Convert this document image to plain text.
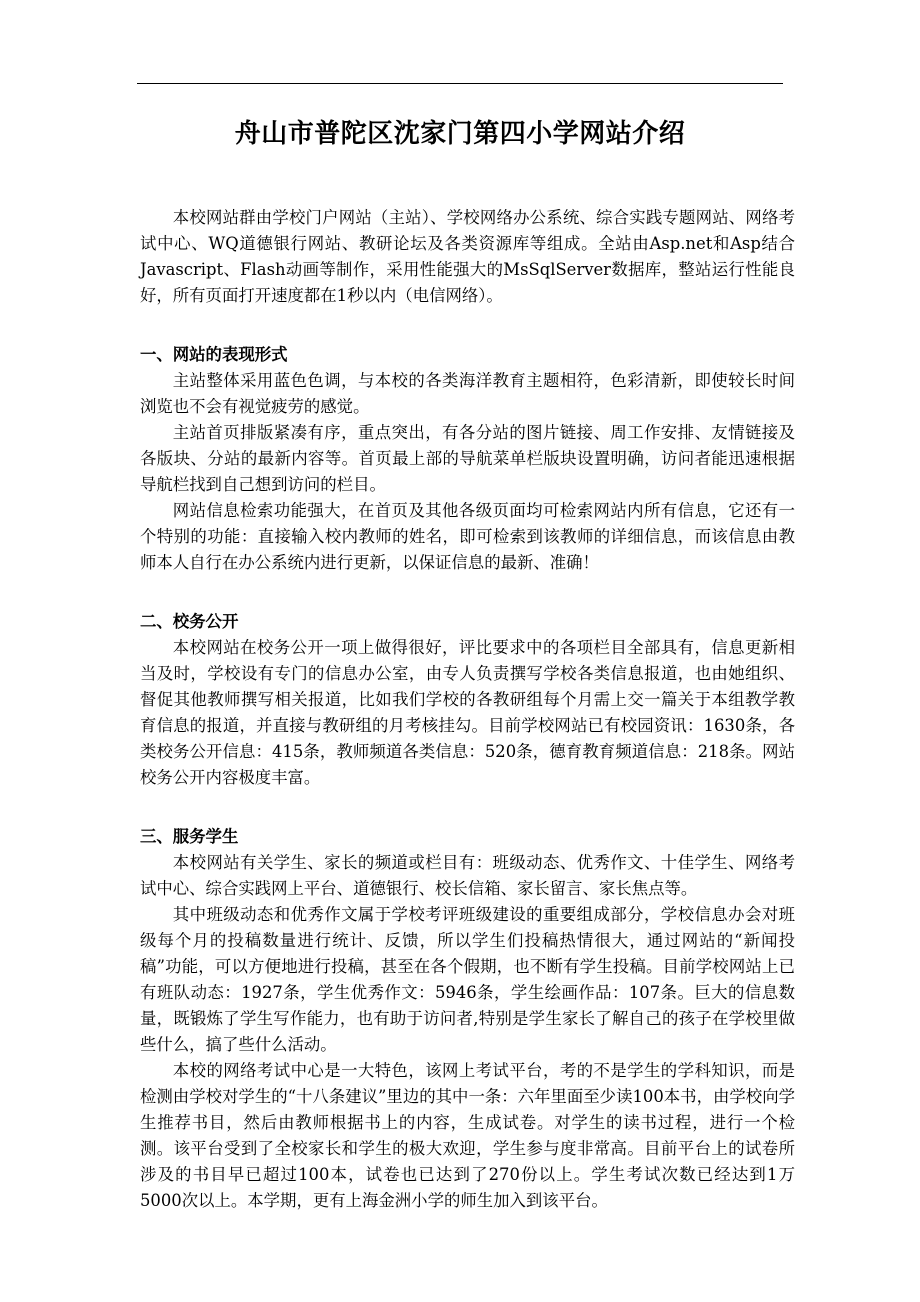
舟山市普陀区沈家门第四小学网站介绍

本校网站群由学校门户网站（主站）、学校网络办公系统、综合实践专题网站、网络考试中心、WQ道德银行网站、教研论坛及各类资源库等组成。全站由Asp.net和Asp结合Javascript、Flash动画等制作，采用性能强大的MsSqlServer数据库，整站运行性能良好，所有页面打开速度都在1秒以内（电信网络）。

一、网站的表现形式

主站整体采用蓝色色调，与本校的各类海洋教育主题相符，色彩清新，即使较长时间浏览也不会有视觉疲劳的感觉。

主站首页排版紧凑有序，重点突出，有各分站的图片链接、周工作安排、友情链接及各版块、分站的最新内容等。首页最上部的导航菜单栏版块设置明确，访问者能迅速根据导航栏找到自己想到访问的栏目。

网站信息检索功能强大，在首页及其他各级页面均可检索网站内所有信息，它还有一个特别的功能：直接输入校内教师的姓名，即可检索到该教师的详细信息，而该信息由教师本人自行在办公系统内进行更新，以保证信息的最新、准确！

二、校务公开

本校网站在校务公开一项上做得很好，评比要求中的各项栏目全部具有，信息更新相当及时，学校设有专门的信息办公室，由专人负责撰写学校各类信息报道，也由她组织、督促其他教师撰写相关报道，比如我们学校的各教研组每个月需上交一篇关于本组教学教育信息的报道，并直接与教研组的月考核挂勾。目前学校网站已有校园资讯：1630条，各类校务公开信息：415条，教师频道各类信息：520条，德育教育频道信息：218条。网站校务公开内容极度丰富。

三、服务学生

本校网站有关学生、家长的频道或栏目有：班级动态、优秀作文、十佳学生、网络考试中心、综合实践网上平台、道德银行、校长信箱、家长留言、家长焦点等。

其中班级动态和优秀作文属于学校考评班级建设的重要组成部分，学校信息办会对班级每个月的投稿数量进行统计、反馈，所以学生们投稿热情很大，通过网站的“新闻投稿”功能，可以方便地进行投稿，甚至在各个假期，也不断有学生投稿。目前学校网站上已有班队动态：1927条，学生优秀作文：5946条，学生绘画作品：107条。巨大的信息数量，既锻炼了学生写作能力，也有助于访问者,特别是学生家长了解自己的孩子在学校里做些什么，搞了些什么活动。

本校的网络考试中心是一大特色，该网上考试平台，考的不是学生的学科知识，而是检测由学校对学生的“十八条建议”里边的其中一条：六年里面至少读100本书，由学校向学生推荐书目，然后由教师根据书上的内容，生成试卷。对学生的读书过程，进行一个检测。该平台受到了全校家长和学生的极大欢迎，学生参与度非常高。目前平台上的试卷所涉及的书目早已超过100本，试卷也已达到了270份以上。学生考试次数已经达到1万5000次以上。本学期，更有上海金洲小学的师生加入到该平台。
